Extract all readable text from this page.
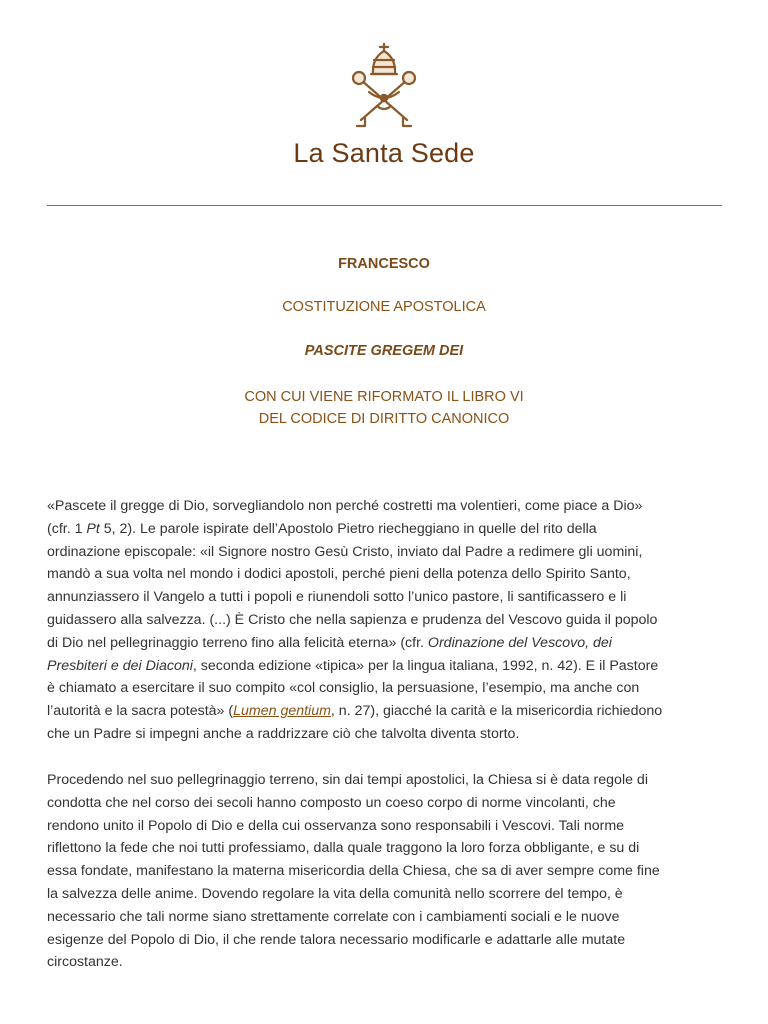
La Santa Sede
FRANCESCO
COSTITUZIONE APOSTOLICA
PASCITE GREGEM DEI
CON CUI VIENE RIFORMATO IL LIBRO VI
DEL CODICE DI DIRITTO CANONICO
«Pascete il gregge di Dio, sorvegliandolo non perché costretti ma volentieri, come piace a Dio»
(cfr. 1 Pt 5, 2). Le parole ispirate dell’Apostolo Pietro riecheggiano in quelle del rito della
ordinazione episcopale: «il Signore nostro Gesù Cristo, inviato dal Padre a redimere gli uomini,
mandò a sua volta nel mondo i dodici apostoli, perché pieni della potenza dello Spirito Santo,
annunziassero il Vangelo a tutti i popoli e riunendoli sotto l’unico pastore, li santificassero e li
guidassero alla salvezza. (...) È Cristo che nella sapienza e prudenza del Vescovo guida il popolo
di Dio nel pellegrinaggio terreno fino alla felicità eterna» (cfr. Ordinazione del Vescovo, dei
Presbiteri e dei Diaconi, seconda edizione «tipica» per la lingua italiana, 1992, n. 42). E il Pastore
è chiamato a esercitare il suo compito «col consiglio, la persuasione, l’esempio, ma anche con
l’autorità e la sacra potestà» (Lumen gentium, n. 27), giacché la carità e la misericordia richiedono
che un Padre si impegni anche a raddrizzare ciò che talvolta diventa storto.
Procedendo nel suo pellegrinaggio terreno, sin dai tempi apostolici, la Chiesa si è data regole di
condotta che nel corso dei secoli hanno composto un coeso corpo di norme vincolanti, che
rendono unito il Popolo di Dio e della cui osservanza sono responsabili i Vescovi. Tali norme
riflettono la fede che noi tutti professiamo, dalla quale traggono la loro forza obbligante, e su di
essa fondate, manifestano la materna misericordia della Chiesa, che sa di aver sempre come fine
la salvezza delle anime. Dovendo regolare la vita della comunità nello scorrere del tempo, è
necessario che tali norme siano strettamente correlate con i cambiamenti sociali e le nuove
esigenze del Popolo di Dio, il che rende talora necessario modificarle e adattarle alle mutate
circostanze.
